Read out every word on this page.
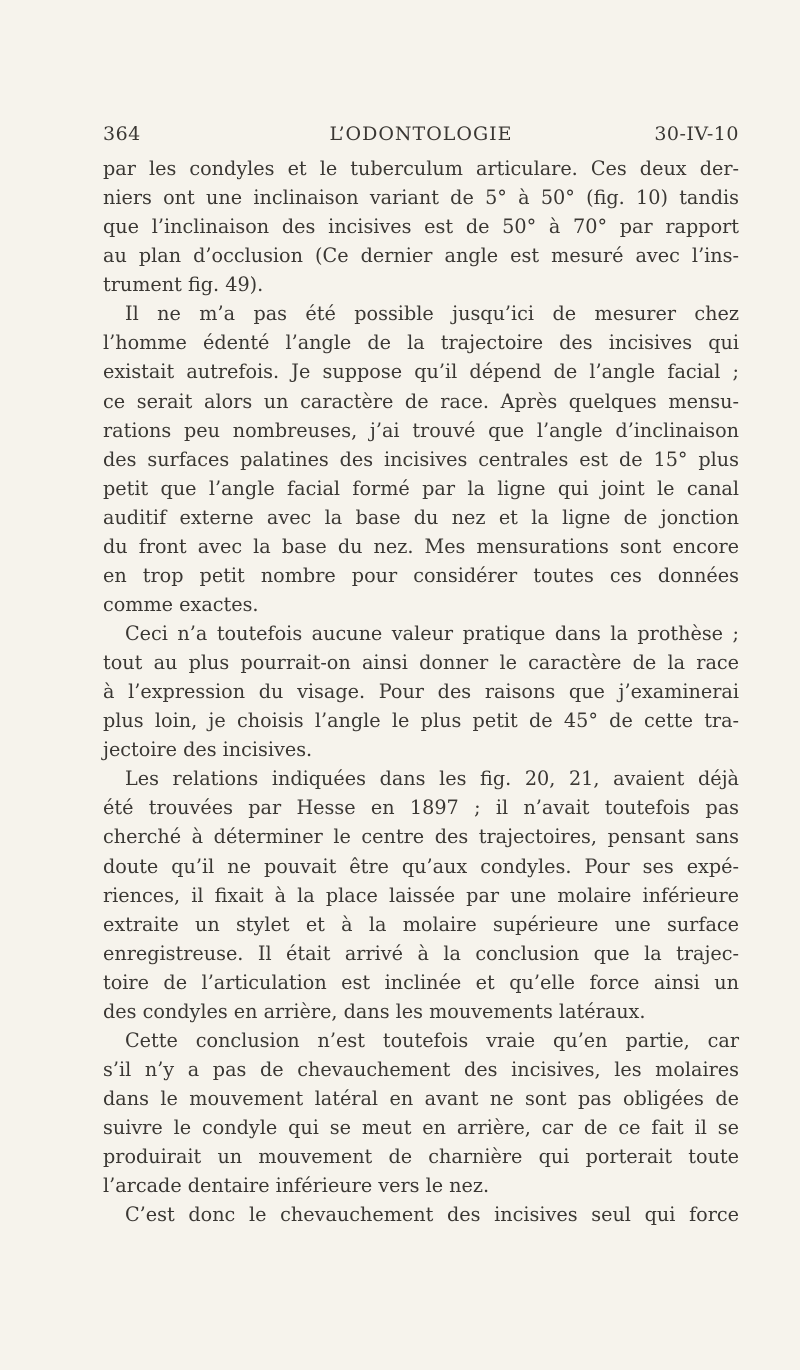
364	L’ODONTOLOGIE	30-IV-10
par les condyles et le tuberculum articulare. Ces deux der-
niers ont une inclinaison variant de 5° à 50° (fig. 10) tandis
que l’inclinaison des incisives est de 50° à 70° par rapport
au plan d’occlusion (Ce dernier angle est mesuré avec l’ins-
trument fig. 49).
Il ne m’a pas été possible jusqu’ici de mesurer chez
l’homme édenté l’angle de la trajectoire des incisives qui
existait autrefois. Je suppose qu’il dépend de l’angle facial ;
ce serait alors un caractère de race. Après quelques mensu-
rations peu nombreuses, j’ai trouvé que l’angle d’inclinaison
des surfaces palatines des incisives centrales est de 15° plus
petit que l’angle facial formé par la ligne qui joint le canal
auditif externe avec la base du nez et la ligne de jonction
du front avec la base du nez. Mes mensurations sont encore
en trop petit nombre pour considérer toutes ces données
comme exactes.
Ceci n’a toutefois aucune valeur pratique dans la prothèse ;
tout au plus pourrait-on ainsi donner le caractère de la race
à l’expression du visage. Pour des raisons que j’examinerai
plus loin, je choisis l’angle le plus petit de 45° de cette tra-
jectoire des incisives.
Les relations indiquées dans les fig. 20, 21, avaient déjà
été trouvées par Hesse en 1897 ; il n’avait toutefois pas
cherché à déterminer le centre des trajectoires, pensant sans
doute qu’il ne pouvait être qu’aux condyles. Pour ses expé-
riences, il fixait à la place laissée par une molaire inférieure
extraite un stylet et à la molaire supérieure une surface
enregistreuse. Il était arrivé à la conclusion que la trajec-
toire de l’articulation est inclinée et qu’elle force ainsi un
des condyles en arrière, dans les mouvements latéraux.
Cette conclusion n’est toutefois vraie qu’en partie, car
s’il n’y a pas de chevauchement des incisives, les molaires
dans le mouvement latéral en avant ne sont pas obligées de
suivre le condyle qui se meut en arrière, car de ce fait il se
produirait un mouvement de charnière qui porterait toute
l’arcade dentaire inférieure vers le nez.
C’est donc le chevauchement des incisives seul qui force
